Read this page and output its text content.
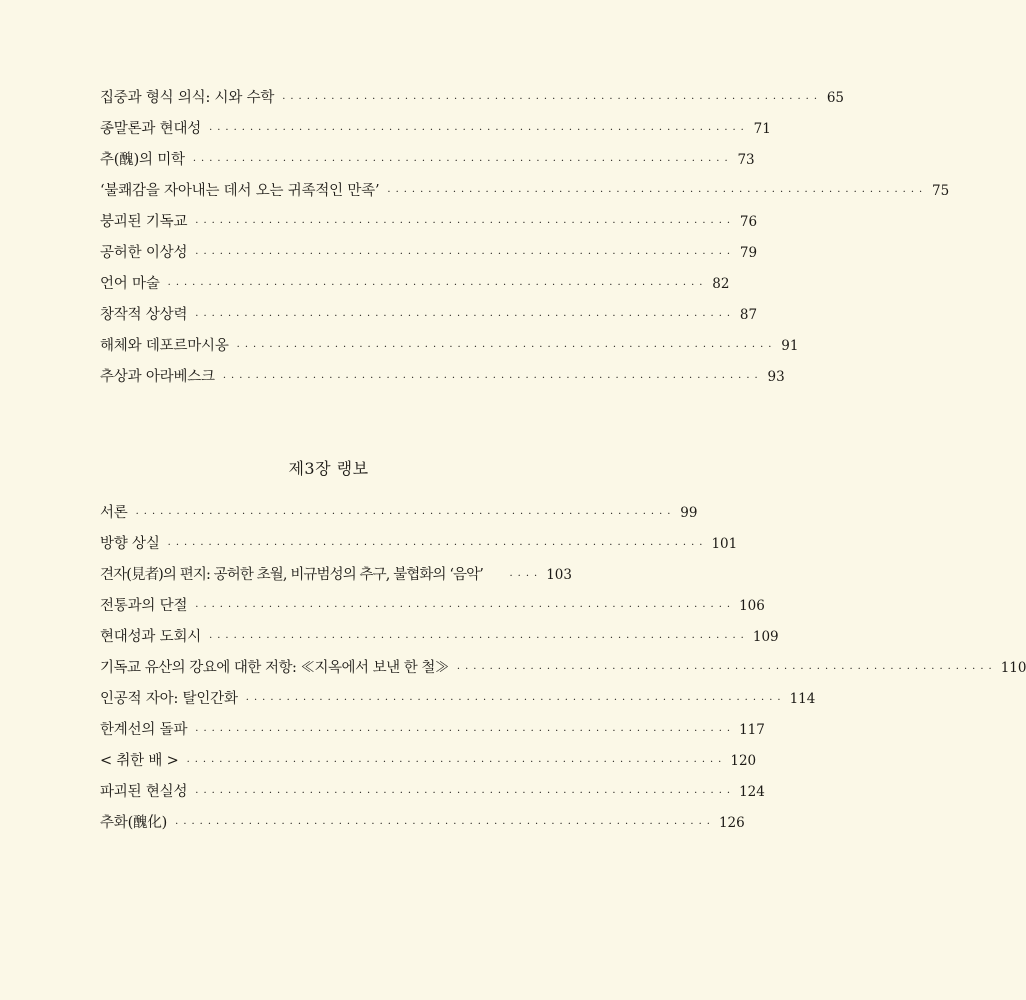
집중과 형식 의식: 시와 수학 ·································································· 65
종말론과 현대성 ·································································· 71
추(醜)의 미학 ·································································· 73
‘불쾌감을 자아내는 데서 오는 귀족적인 만족’ ·································································· 75
붕괴된 기독교 ·································································· 76
공허한 이상성 ·································································· 79
언어 마술 ·································································· 82
창작적 상상력 ·································································· 87
해체와 데포르마시옹 ·································································· 91
추상과 아라베스크 ·································································· 93
제3장 랭보
서론 ·································································· 99
방향 상실 ·································································· 101
견자(見者)의 편지: 공허한 초월, 비규범성의 추구, 불협화의 ‘음악’	···· 103
전통과의 단절 ·································································· 106
현대성과 도회시 ·································································· 109
기독교 유산의 강요에 대한 저항: ≪지옥에서 보낸 한 철≫ ·································································· 110
인공적 자아: 탈인간화 ·································································· 114
한계선의 돌파 ·································································· 117
< 취한 배 > ·································································· 120
파괴된 현실성 ·································································· 124
추화(醜化) ·································································· 126
